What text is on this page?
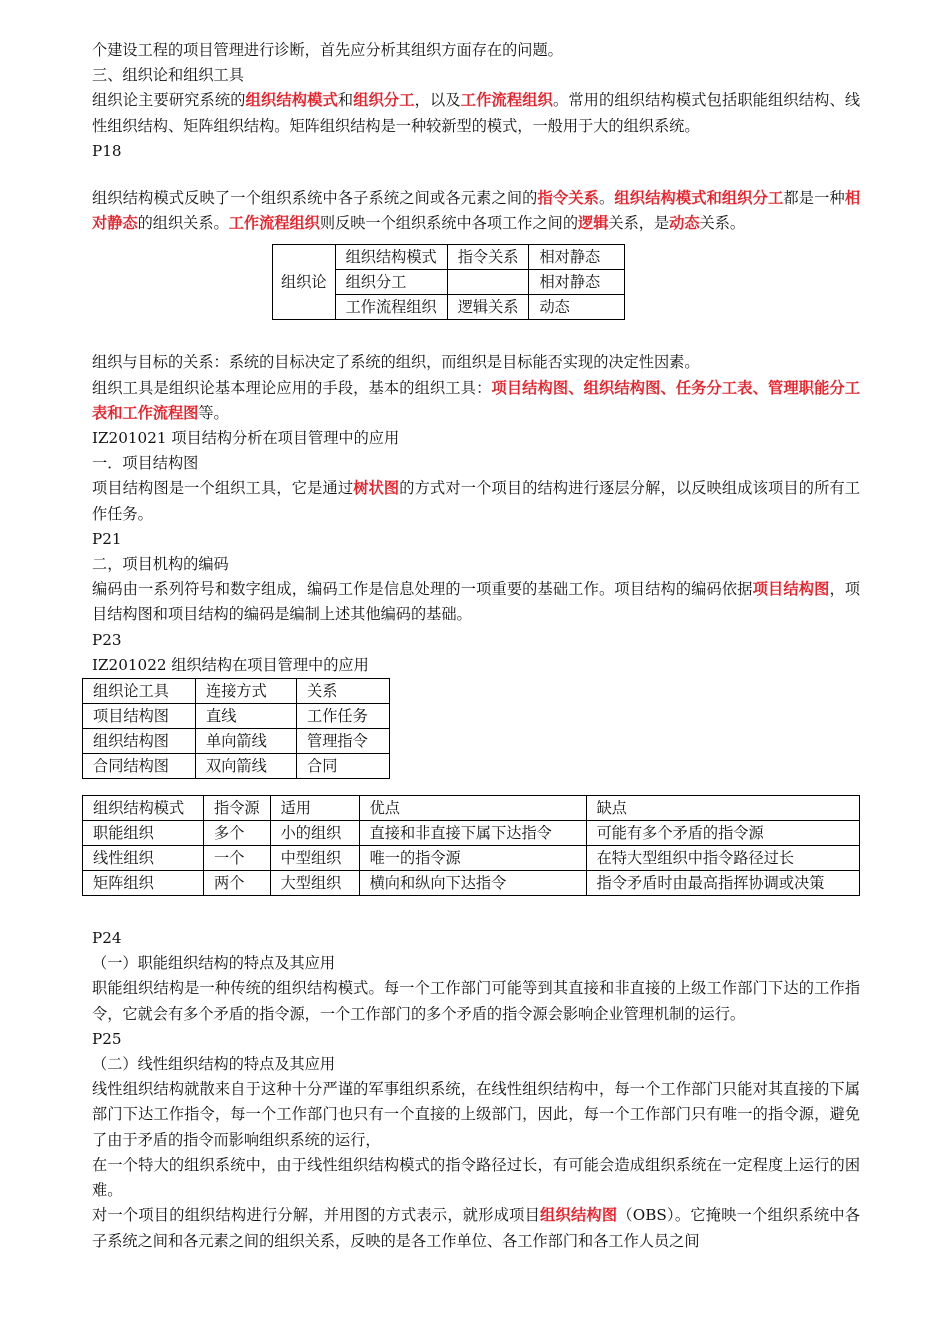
个建设工程的项目管理进行诊断，首先应分析其组织方面存在的问题。

三、组织论和组织工具

组织论主要研究系统的组织结构模式和组织分工，以及工作流程组织。常用的组织结构模式包括职能组织结构、线性组织结构、矩阵组织结构。矩阵组织结构是一种较新型的模式，一般用于大的组织系统。

P18

组织结构模式反映了一个组织系统中各子系统之间或各元素之间的指令关系。组织结构模式和组织分工都是一种相对静态的组织关系。工作流程组织则反映一个组织系统中各项工作之间的逻辑关系，是动态关系。

组织论	组织结构模式	指令关系	相对静态
	组织分工		相对静态
	工作流程组织	逻辑关系	动态

组织与目标的关系：系统的目标决定了系统的组织，而组织是目标能否实现的决定性因素。

组织工具是组织论基本理论应用的手段，基本的组织工具：项目结构图、组织结构图、任务分工表、管理职能分工表和工作流程图等。

IZ201021 项目结构分析在项目管理中的应用

一．项目结构图

项目结构图是一个组织工具，它是通过树状图的方式对一个项目的结构进行逐层分解，以反映组成该项目的所有工作任务。

P21

二，项目机构的编码

编码由一系列符号和数字组成，编码工作是信息处理的一项重要的基础工作。项目结构的编码依据项目结构图，项目结构图和项目结构的编码是编制上述其他编码的基础。

P23

IZ201022 组织结构在项目管理中的应用

组织论工具	连接方式	关系
项目结构图	直线	工作任务
组织结构图	单向箭线	管理指令
合同结构图	双向箭线	合同
组织结构模式	指令源	适用	优点	缺点
职能组织	多个	小的组织	直接和非直接下属下达指令	可能有多个矛盾的指令源
线性组织	一个	中型组织	唯一的指令源	在特大型组织中指令路径过长
矩阵组织	两个	大型组织	横向和纵向下达指令	指令矛盾时由最高指挥协调或决策

P24

（一）职能组织结构的特点及其应用

职能组织结构是一种传统的组织结构模式。每一个工作部门可能等到其直接和非直接的上级工作部门下达的工作指令，它就会有多个矛盾的指令源，一个工作部门的多个矛盾的指令源会影响企业管理机制的运行。

P25

（二）线性组织结构的特点及其应用

线性组织结构就散来自于这种十分严谨的军事组织系统，在线性组织结构中，每一个工作部门只能对其直接的下属部门下达工作指令，每一个工作部门也只有一个直接的上级部门，因此，每一个工作部门只有唯一的指令源，避免了由于矛盾的指令而影响组织系统的运行，

在一个特大的组织系统中，由于线性组织结构模式的指令路径过长，有可能会造成组织系统在一定程度上运行的困难。

对一个项目的组织结构进行分解，并用图的方式表示，就形成项目组织结构图（OBS）。它掩映一个组织系统中各子系统之间和各元素之间的组织关系，反映的是各工作单位、各工作部门和各工作人员之间
